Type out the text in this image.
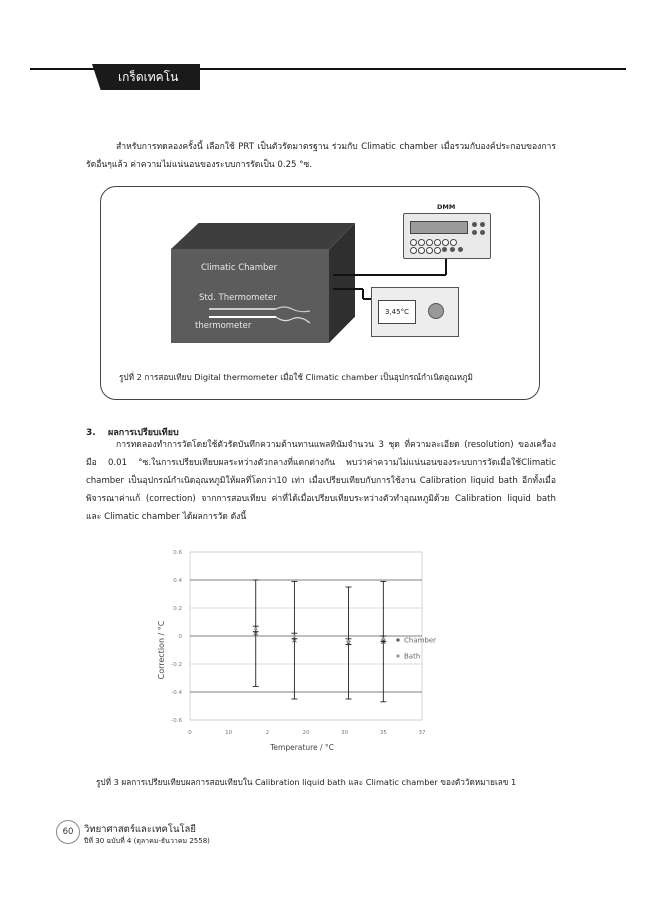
เกร็ดเทคโน

สำหรับการทดลองครั้งนี้ เลือกใช้ PRT เป็นตัวรัดมาตรฐาน ร่วมกับ Climatic chamber เมื่อรวมกับองค์ประกอบของการรัดอื่นๆแล้ว ค่าความไม่แน่นอนของระบบการรัดเป็น 0.25 °ซ.

Climatic Chamber
Std. Thermometer
thermometer
DMM
3,45°C
รูปที่ 2 การสอบเทียบ Digital thermometer เมื่อใช้ Climatic chamber เป็นอุปกรณ์กำเนิดอุณหภูมิ
3. ผลการเปรียบเทียบ

การทดลองทำการวัดโดยใช้ตัวรัดบันทึกความต้านทานแพลทินัมจำนวน 3 ชุด ที่ความละเอียด (resolution) ของเครื่องมือ 0.01 °ซ.ในการเปรียบเทียบผลระหว่างตัวกลางที่แตกต่างกัน พบว่าค่าความไม่แน่นอนของระบบการวัดเมื่อใช้Climatic chamber เป็นอุปกรณ์กำเนิดอุณหภูมิให้ผลที่โตกว่า10 เท่า เมื่อเปรียบเทียบกับการใช้งาน Calibration liquid bath อีกทั้งเมื่อพิจารณาค่าแก้ (correction) จากการสอบเทียบ ค่าที่ได้เมื่อเปรียบเทียบระหว่างตัวทำอุณหภูมิด้วย Calibration liquid bath และ Climatic chamber ได้ผลการวัด ดังนี้

0.6
0.4
0.2
0
-0.2
-0.4
-0.6
0	10	2	20	30	35	37
Chamber
Bath
Correction / °C
Temperature / °C
รูปที่ 3 ผลการเปรียบเทียบผลการสอบเทียบใน Calibration liquid bath และ Climatic chamber ของตัววัดหมายเลข 1
60	วิทยาศาสตร์และเทคโนโลยี
ปีที่ 30 ฉบับที่ 4 (ตุลาคม-ธันวาคม 2558)
